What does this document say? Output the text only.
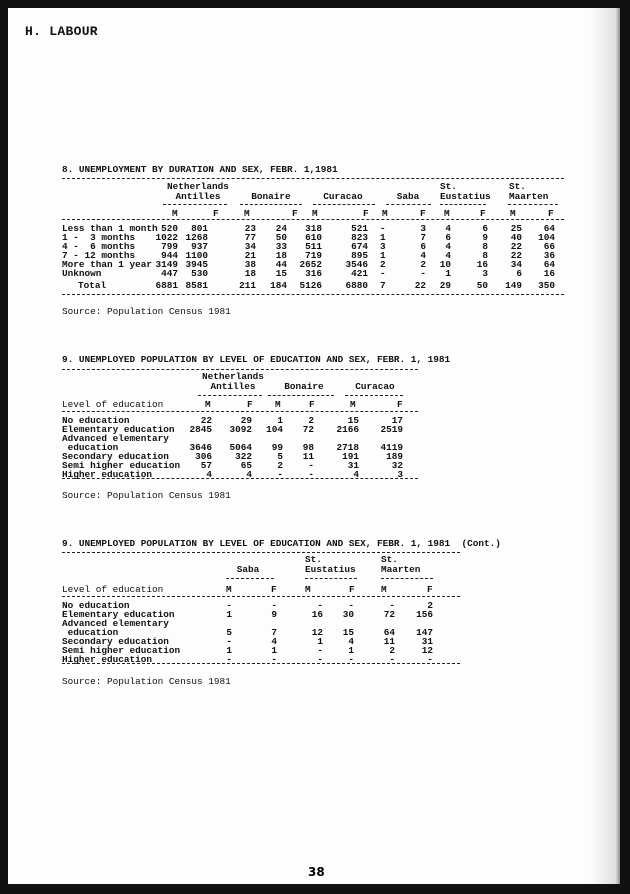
H. LABOUR
8. UNEMPLOYMENT BY DURATION AND SEX, FEBR. 1,1981
Netherlands
Antilles	Bonaire	Curacao	Saba
St.
Eustatius
St.
Maarten
M	F	M	F M	F M	F M	F	M	F
Less than 1 month 520	801	23	24	318	521 -	3	4	6	25	64
1 -  3 months	1022 1268	77	50	610	823 1	7	6	9	40	104
4 -  6 months	799	937	34	33	511	674 3	6	4	8	22	66
7 - 12 months	944 1100	21	18	719	895 1	4	4	8	22	36
More than 1 year 3149 3945	38	44	2652	3546 2	2	10	16	34	64
Unknown	447	530	18	15	316	421 -	-	1	3	6	16
Total	6881 8581	211	184	5126	6880 7	22	29	50	149	350
Source: Population Census 1981
9. UNEMPLOYED POPULATION BY LEVEL OF EDUCATION AND SEX, FEBR. 1, 1981
Netherlands
Antilles	Bonaire	Curacao
Level of education	M	F M	F	M	F
No education	22	29	1	2	15	17
Elementary education	2845	3092	104	72	2166	2519
Advanced elementary
education	3646	5064	99	98	2718	4119
Secondary education	306	322	5	11	191	189
Semi higher education	57	65	2	-	31	32
Higher education	4	4	-	-	4	3
Source: Population Census 1981
9. UNEMPLOYED POPULATION BY LEVEL OF EDUCATION AND SEX, FEBR. 1, 1981  (Cont.)
Saba
St.
Eustatius
St.
Maarten
Level of education	M	F	M	F	M	F
No education	-	-	-	-	-	2
Elementary education	1	9	16	30	72	156
Advanced elementary
education	5	7	12	15	64	147
Secondary education	-	4	1	4	11	31
Semi higher education	1	1	-	1	2	12
Higher education	-	-	-	-	-	-
Source: Population Census 1981
38
